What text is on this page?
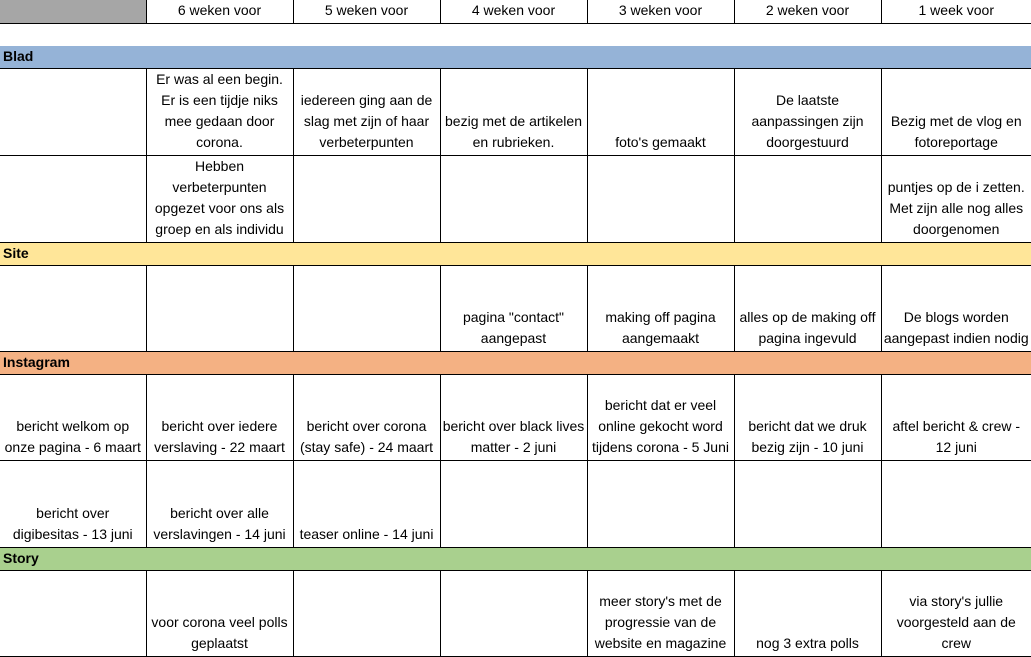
	6 weken voor	5 weken voor	4 weken voor	3 weken voor	2 weken voor	1 week voor

Blad						
	Er was al een begin. Er is een tijdje niks mee gedaan door corona.	iedereen ging aan de slag met zijn of haar verbeterpunten	bezig met de artikelen en rubrieken.	foto's gemaakt	De laatste aanpassingen zijn doorgestuurd	Bezig met de vlog en fotoreportage
	Hebben verbeterpunten opgezet voor ons als groep en als individu					puntjes op de i zetten. Met zijn alle nog alles doorgenomen
Site						
			pagina "contact" aangepast	making off pagina aangemaakt	alles op de making off pagina ingevuld	De blogs worden aangepast indien nodig
Instagram						
bericht welkom op onze pagina - 6 maart	bericht over iedere verslaving - 22 maart	bericht over corona (stay safe) - 24 maart	bericht over black lives matter - 2 juni	bericht dat er veel online gekocht word tijdens corona - 5 Juni	bericht dat we druk bezig zijn - 10 juni	aftel bericht & crew - 12 juni
bericht over digibesitas - 13 juni	bericht over alle verslavingen - 14 juni	teaser online - 14 juni				
Story						
	voor corona veel polls geplaatst			meer story's met de progressie van de website en magazine	nog 3 extra polls	via story's jullie voorgesteld aan de crew
